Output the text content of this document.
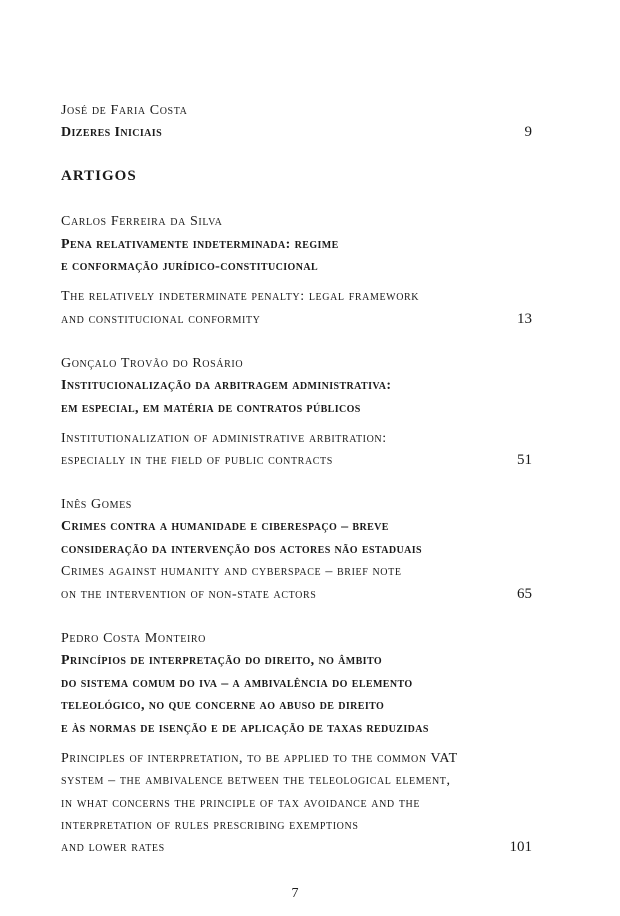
José de Faria Costa
Dizeres Iniciais	9
ARTIGOS
Carlos Ferreira da Silva
Pena relativamente indeterminada: regime
e conformação jurídico-constitucional
The relatively indeterminate penalty: legal framework
and constitucional conformity	13
Gonçalo Trovão do Rosário
Institucionalização da arbitragem administrativa:
em especial, em matéria de contratos públicos
Institutionalization of administrative arbitration:
especially in the field of public contracts	51
Inês Gomes
Crimes contra a humanidade e ciberespaço – breve
consideração da intervenção dos actores não estaduais
Crimes against humanity and cyberspace – brief note
on the intervention of non-state actors	65
Pedro Costa Monteiro
Princípios de interpretação do direito, no âmbito
do sistema comum do iva – a ambivalência do elemento
teleológico, no que concerne ao abuso de direito
e às normas de isenção e de aplicação de taxas reduzidas
Principles of interpretation, to be applied to the common VAT
system – the ambivalence between the teleological element,
in what concerns the principle of tax avoidance and the
interpretation of rules prescribing exemptions
and lower rates	101
7
